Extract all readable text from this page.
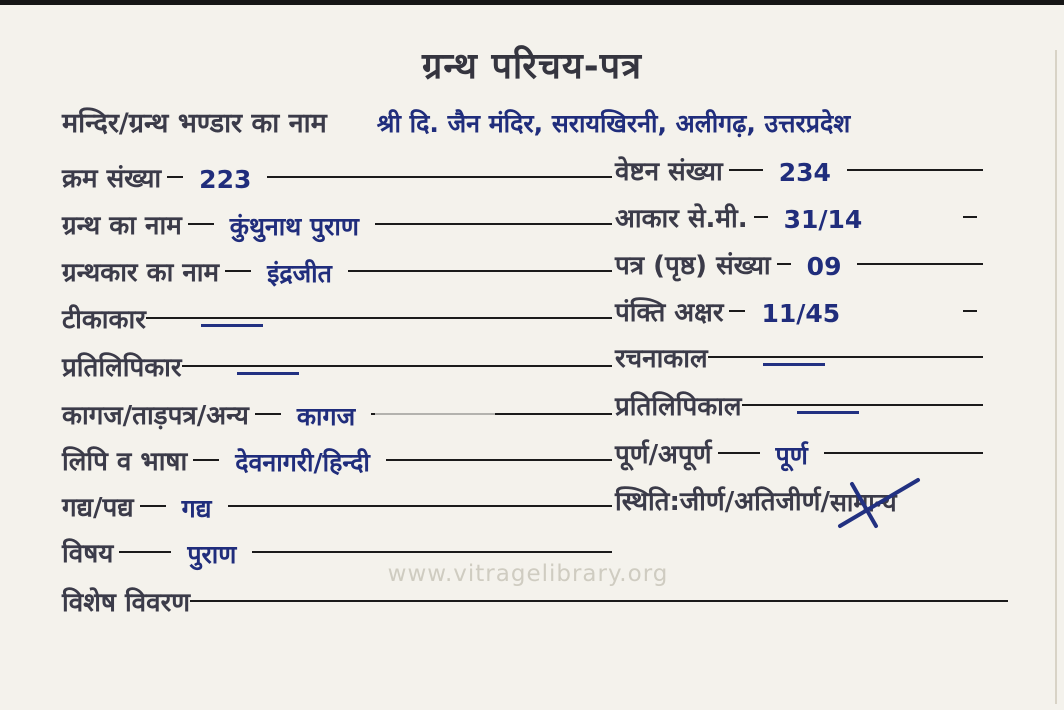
ग्रन्थ परिचय-पत्र
मन्दिर/ग्रन्थ भण्डार का नाम श्री दि. जैन मंदिर, सरायखिरनी, अलीगढ़, उत्तरप्रदेश
क्रम संख्या 223
ग्रन्थ का नाम कुंथुनाथ पुराण
ग्रन्थकार का नाम इंद्रजीत
टीकाकार
प्रतिलिपिकार
कागज/ताड़पत्र/अन्य कागज
लिपि व भाषा देवनागरी/हिन्दी
गद्य/पद्य गद्य
विषय	पुराण
विशेष विवरण
वेष्टन संख्या 234
आकार से.मी. 31/14
पत्र (पृष्ठ) संख्या 09
पंक्ति अक्षर 11/45
रचनाकाल
प्रतिलिपिकाल
पूर्ण/अपूर्ण	पूर्ण
स्थिति:जीर्ण/अतिजीर्ण/ सामान्य
www.vitragelibrary.org
